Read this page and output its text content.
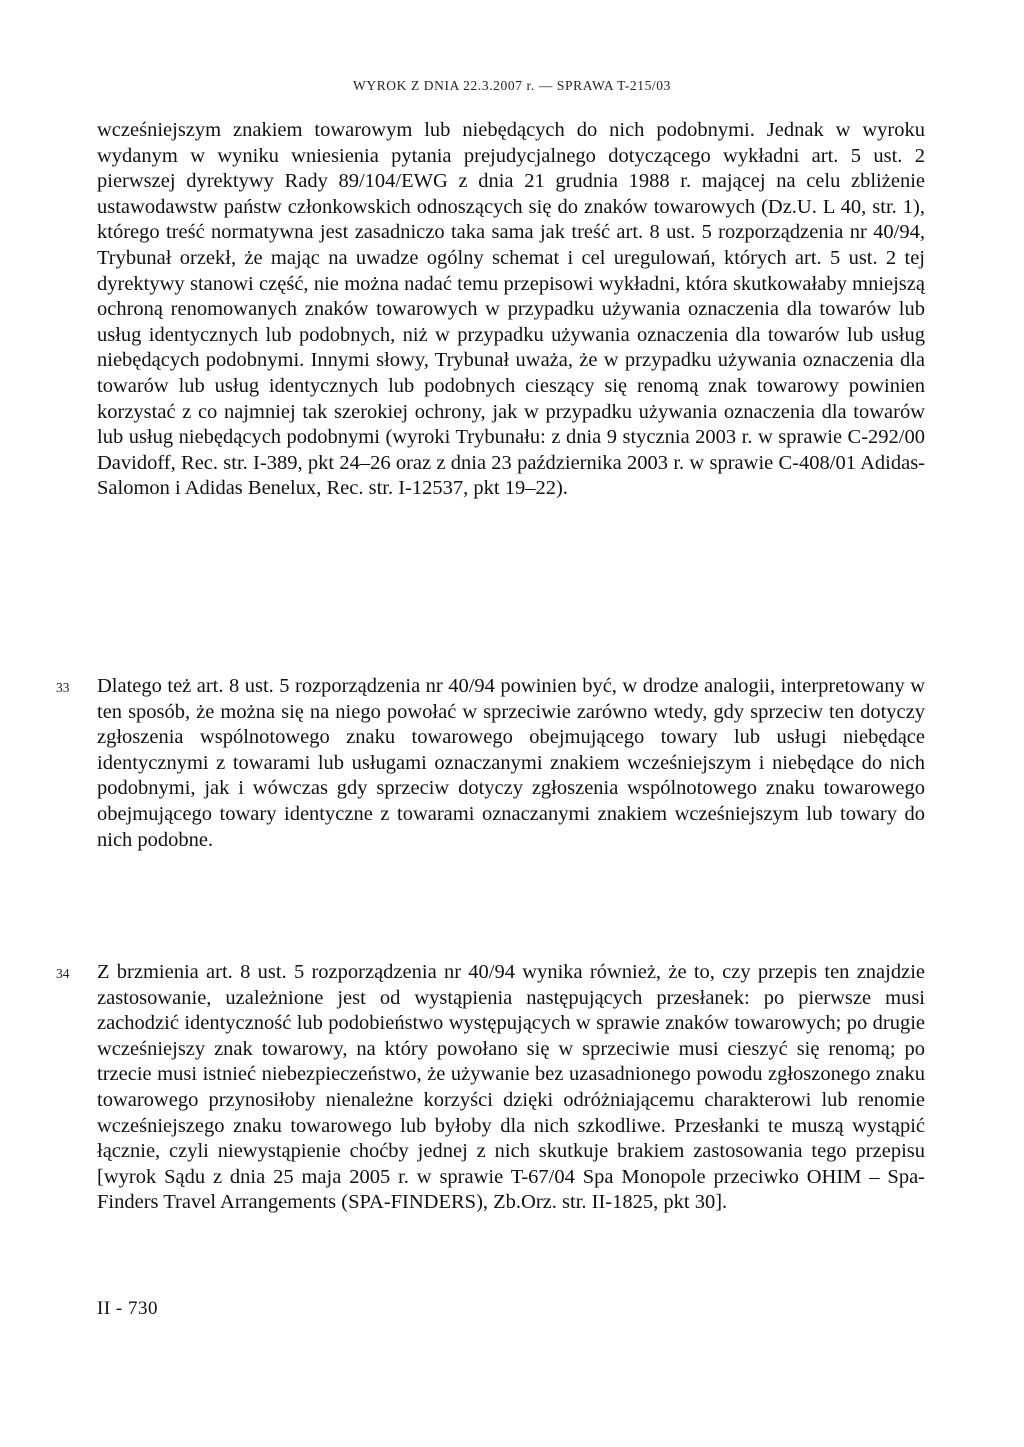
WYROK Z DNIA 22.3.2007 r. — SPRAWA T-215/03

wcześniejszym znakiem towarowym lub niebędących do nich podobnymi. Jednak w wyroku wydanym w wyniku wniesienia pytania prejudycjalnego dotyczącego wykładni art. 5 ust. 2 pierwszej dyrektywy Rady 89/104/EWG z dnia 21 grudnia 1988 r. mającej na celu zbliżenie ustawodawstw państw członkowskich odnoszących się do znaków towarowych (Dz.U. L 40, str. 1), którego treść normatywna jest zasadniczo taka sama jak treść art. 8 ust. 5 rozporządzenia nr 40/94, Trybunał orzekł, że mając na uwadze ogólny schemat i cel uregulowań, których art. 5 ust. 2 tej dyrektywy stanowi część, nie można nadać temu przepisowi wykładni, która skutkowałaby mniejszą ochroną renomowanych znaków towarowych w przypadku używania oznaczenia dla towarów lub usług identycznych lub podobnych, niż w przypadku używania oznaczenia dla towarów lub usług niebędących podobnymi. Innymi słowy, Trybunał uważa, że w przypadku używania oznaczenia dla towarów lub usług identycznych lub podobnych cieszący się renomą znak towarowy powinien korzystać z co najmniej tak szerokiej ochrony, jak w przypadku używania oznaczenia dla towarów lub usług niebędących podobnymi (wyroki Trybunału: z dnia 9 stycznia 2003 r. w sprawie C-292/00 Davidoff, Rec. str. I-389, pkt 24–26 oraz z dnia 23 października 2003 r. w sprawie C-408/01 Adidas-Salomon i Adidas Benelux, Rec. str. I-12537, pkt 19–22).

33 Dlatego też art. 8 ust. 5 rozporządzenia nr 40/94 powinien być, w drodze analogii, interpretowany w ten sposób, że można się na niego powołać w sprzeciwie zarówno wtedy, gdy sprzeciw ten dotyczy zgłoszenia wspólnotowego znaku towarowego obejmującego towary lub usługi niebędące identycznymi z towarami lub usługami oznaczanymi znakiem wcześniejszym i niebędące do nich podobnymi, jak i wówczas gdy sprzeciw dotyczy zgłoszenia wspólnotowego znaku towarowego obejmującego towary identyczne z towarami oznaczanymi znakiem wcześniejszym lub towary do nich podobne.

34 Z brzmienia art. 8 ust. 5 rozporządzenia nr 40/94 wynika również, że to, czy przepis ten znajdzie zastosowanie, uzależnione jest od wystąpienia następujących przesłanek: po pierwsze musi zachodzić identyczność lub podobieństwo występujących w sprawie znaków towarowych; po drugie wcześniejszy znak towarowy, na który powołano się w sprzeciwie musi cieszyć się renomą; po trzecie musi istnieć niebezpieczeństwo, że używanie bez uzasadnionego powodu zgłoszonego znaku towarowego przynosiłoby nienależne korzyści dzięki odróżniającemu charakterowi lub renomie wcześniejszego znaku towarowego lub byłoby dla nich szkodliwe. Przesłanki te muszą wystąpić łącznie, czyli niewystąpienie choćby jednej z nich skutkuje brakiem zastosowania tego przepisu [wyrok Sądu z dnia 25 maja 2005 r. w sprawie T-67/04 Spa Monopole przeciwko OHIM – Spa-Finders Travel Arrangements (SPA-FINDERS), Zb.Orz. str. II-1825, pkt 30].

II - 730
